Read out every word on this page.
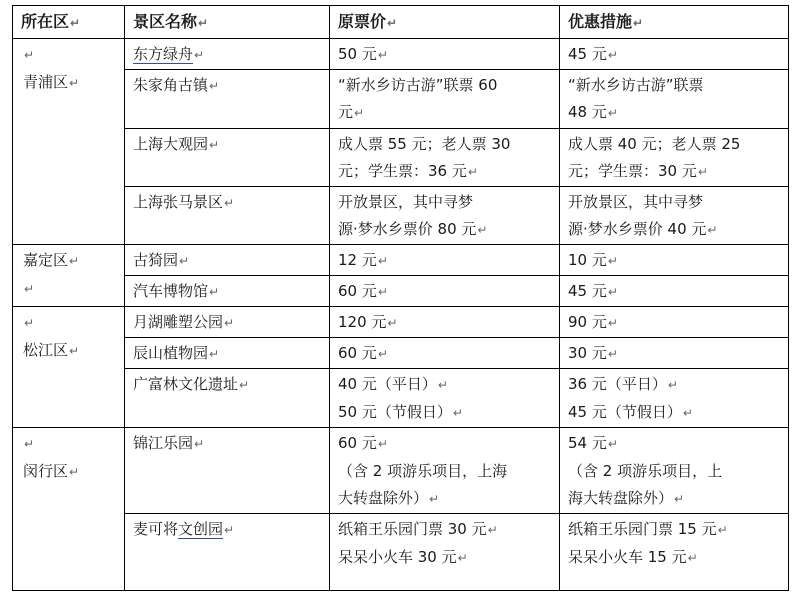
所在区↵	景区名称↵	原票价↵	优惠措施↵

↵
青浦区↵	东方绿舟↵	50 元↵	45 元↵
	朱家角古镇↵	“新水乡访古游”联票 60
元↵	“新水乡访古游”联票
48 元↵
	上海大观园↵	成人票 55 元；老人票 30
元；学生票：36 元↵	成人票 40 元；老人票 25
元；学生票：30 元↵
	上海张马景区↵	开放景区，其中寻梦
源·梦水乡票价 80 元↵	开放景区，其中寻梦
源·梦水乡票价 40 元↵
嘉定区↵
↵	古猗园↵	12 元↵	10 元↵
	汽车博物馆↵	60 元↵	45 元↵

↵
松江区↵	月湖雕塑公园↵	120 元↵	90 元↵
	辰山植物园↵	60 元↵	30 元↵
	广富林文化遗址↵	40 元（平日）↵
50 元（节假日）↵	36 元（平日）↵
45 元（节假日）↵

↵
闵行区↵	锦江乐园↵	60 元↵
（含 2 项游乐项目，上海
大转盘除外）↵	54 元↵
（含 2 项游乐项目，上
海大转盘除外）↵
	麦可将文创园↵	纸箱王乐园门票 30 元↵
呆呆小火车 30 元↵	纸箱王乐园门票 15 元↵
呆呆小火车 15 元↵
